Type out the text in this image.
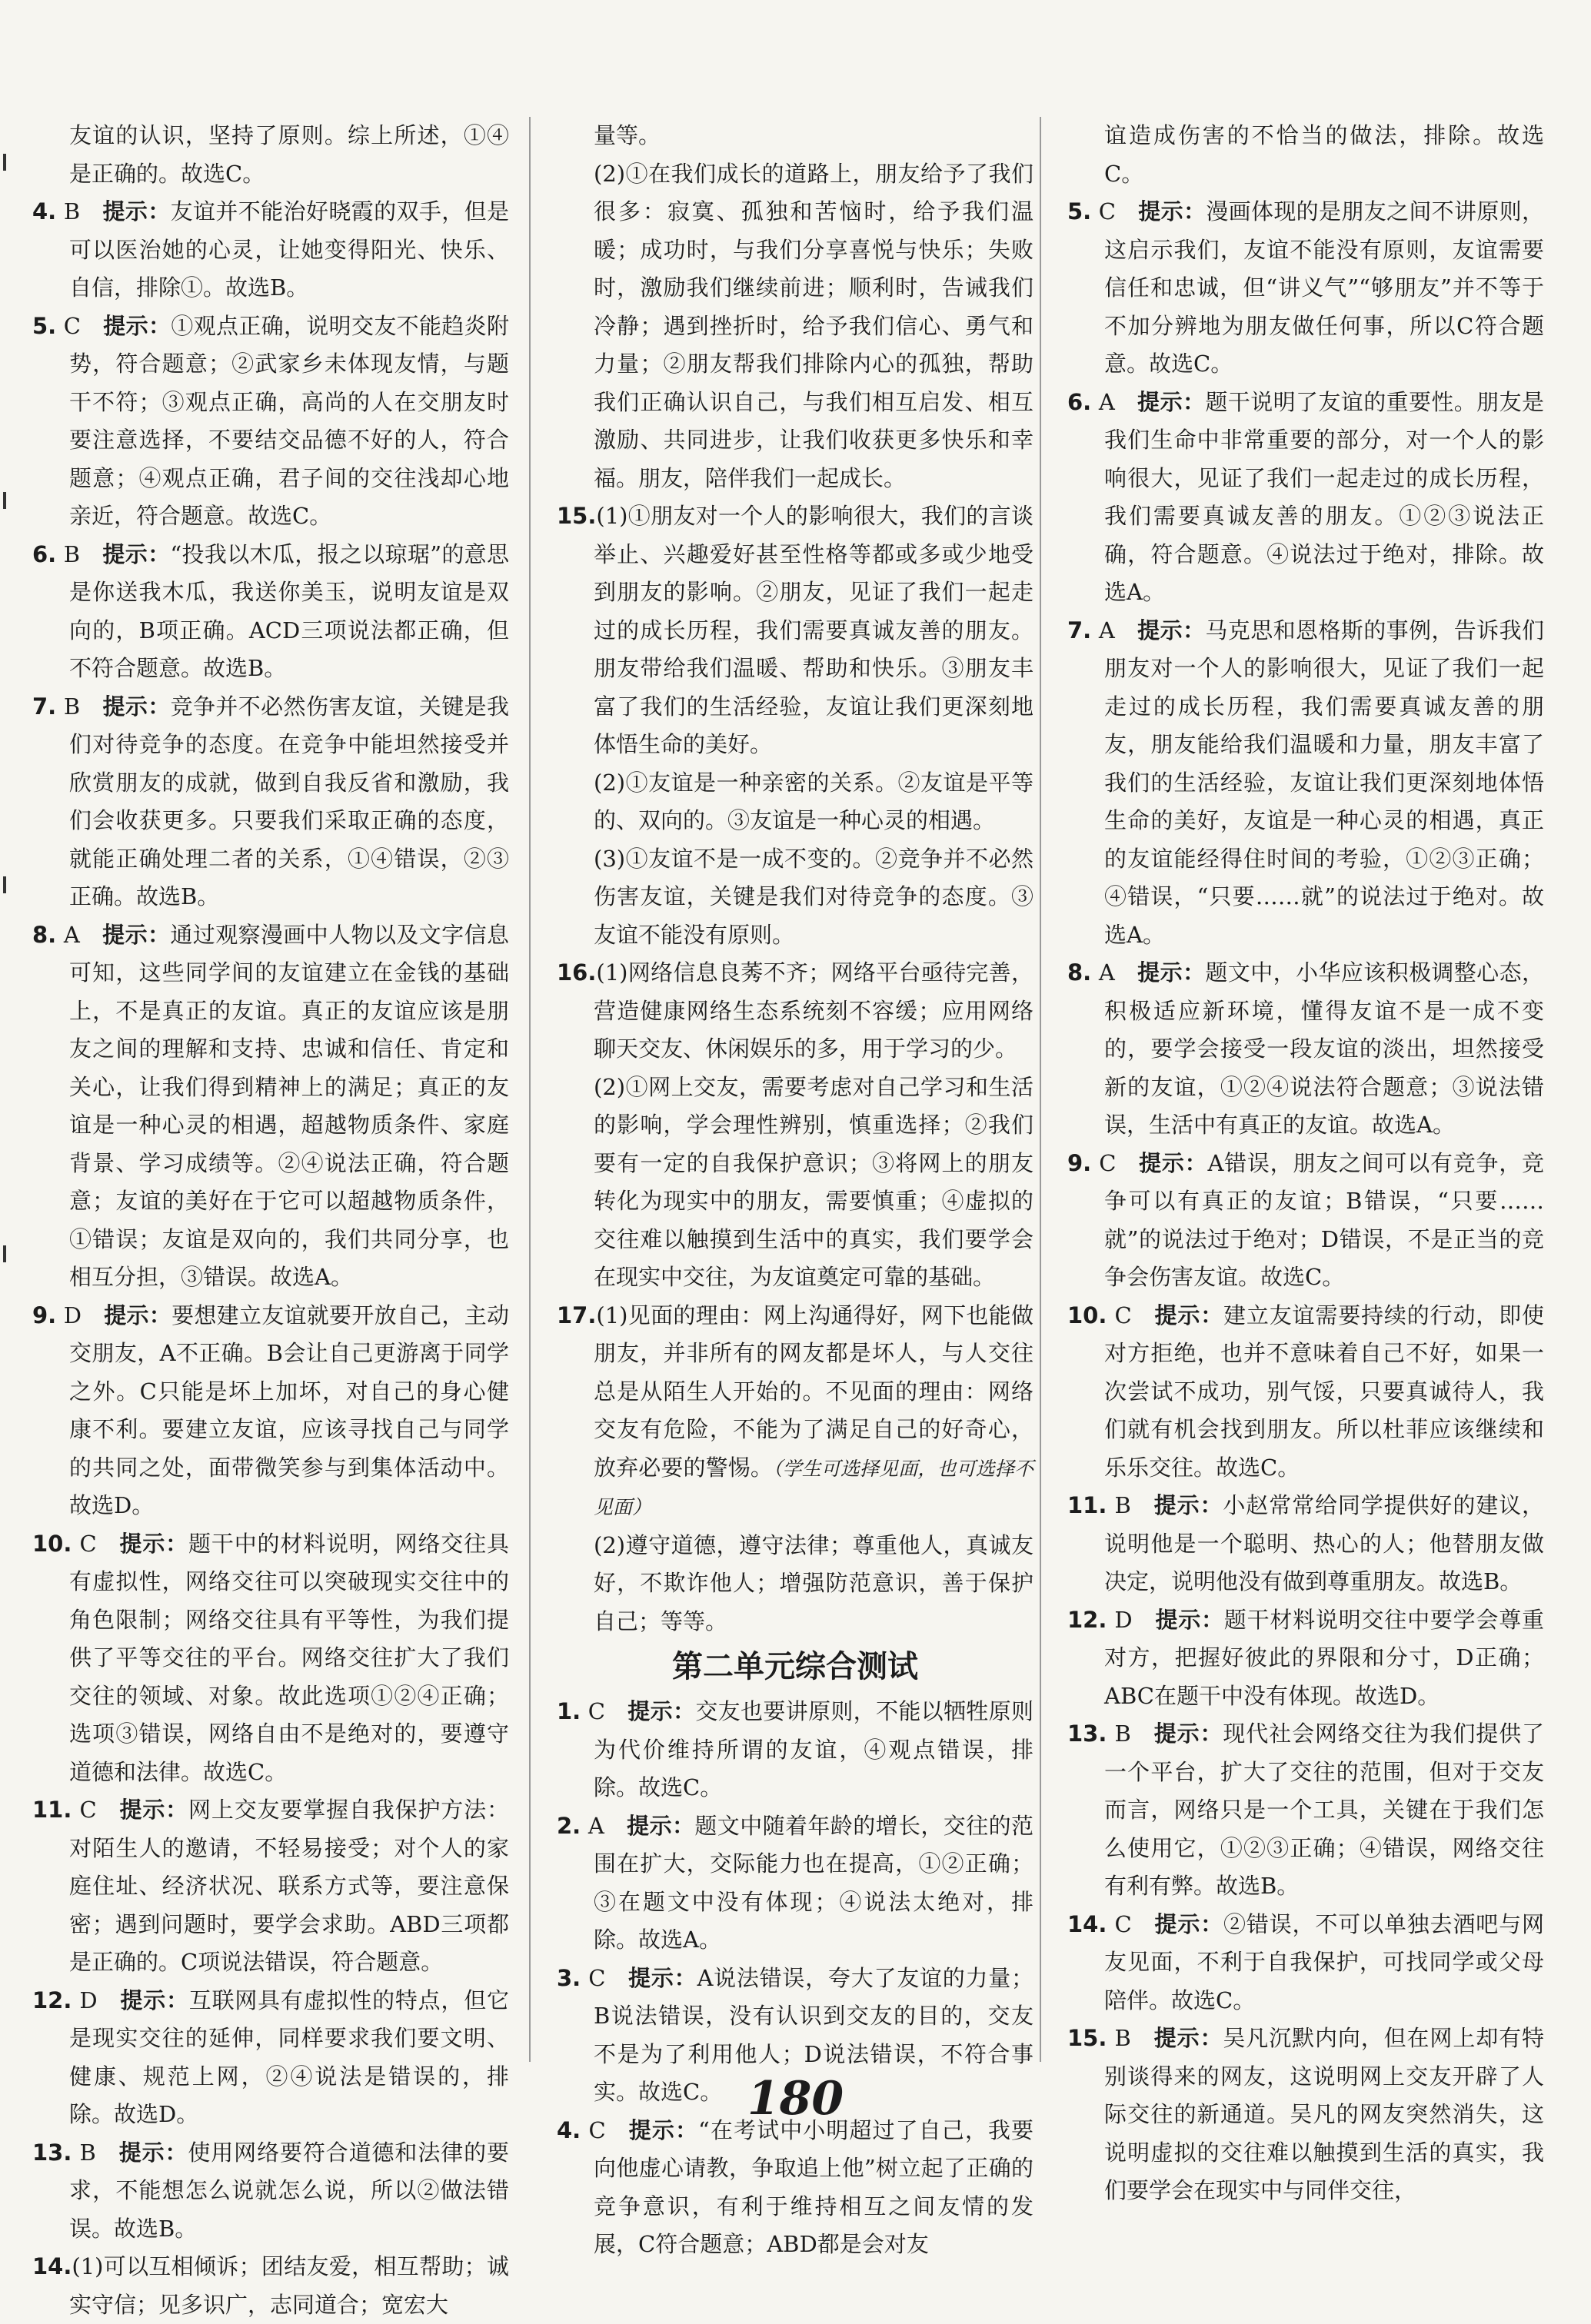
友谊的认识，坚持了原则。综上所述，①④是正确的。故选C。

4. B  提示：友谊并不能治好晓霞的双手，但是可以医治她的心灵，让她变得阳光、快乐、自信，排除①。故选B。

5. C  提示：①观点正确，说明交友不能趋炎附势，符合题意；②武家乡未体现友情，与题干不符；③观点正确，高尚的人在交朋友时要注意选择，不要结交品德不好的人，符合题意；④观点正确，君子间的交往浅却心地亲近，符合题意。故选C。

6. B  提示：“投我以木瓜，报之以琼琚”的意思是你送我木瓜，我送你美玉，说明友谊是双向的，B项正确。ACD三项说法都正确，但不符合题意。故选B。

7. B  提示：竞争并不必然伤害友谊，关键是我们对待竞争的态度。在竞争中能坦然接受并欣赏朋友的成就，做到自我反省和激励，我们会收获更多。只要我们采取正确的态度，就能正确处理二者的关系，①④错误，②③正确。故选B。

8. A  提示：通过观察漫画中人物以及文字信息可知，这些同学间的友谊建立在金钱的基础上，不是真正的友谊。真正的友谊应该是朋友之间的理解和支持、忠诚和信任、肯定和关心，让我们得到精神上的满足；真正的友谊是一种心灵的相遇，超越物质条件、家庭背景、学习成绩等。②④说法正确，符合题意；友谊的美好在于它可以超越物质条件，①错误；友谊是双向的，我们共同分享，也相互分担，③错误。故选A。

9. D  提示：要想建立友谊就要开放自己，主动交朋友，A不正确。B会让自己更游离于同学之外。C只能是坏上加坏，对自己的身心健康不利。要建立友谊，应该寻找自己与同学的共同之处，面带微笑参与到集体活动中。故选D。

10. C  提示：题干中的材料说明，网络交往具有虚拟性，网络交往可以突破现实交往中的角色限制；网络交往具有平等性，为我们提供了平等交往的平台。网络交往扩大了我们交往的领域、对象。故此选项①②④正确；选项③错误，网络自由不是绝对的，要遵守道德和法律。故选C。

11. C  提示：网上交友要掌握自我保护方法：对陌生人的邀请，不轻易接受；对个人的家庭住址、经济状况、联系方式等，要注意保密；遇到问题时，要学会求助。ABD三项都是正确的。C项说法错误，符合题意。

12. D  提示：互联网具有虚拟性的特点，但它是现实交往的延伸，同样要求我们要文明、健康、规范上网，②④说法是错误的，排除。故选D。

13. B  提示：使用网络要符合道德和法律的要求，不能想怎么说就怎么说，所以②做法错误。故选B。

14.(1)可以互相倾诉；团结友爱，相互帮助；诚实守信；见多识广，志同道合；宽宏大

量等。

(2)①在我们成长的道路上，朋友给予了我们很多：寂寞、孤独和苦恼时，给予我们温暖；成功时，与我们分享喜悦与快乐；失败时，激励我们继续前进；顺利时，告诫我们冷静；遇到挫折时，给予我们信心、勇气和力量；②朋友帮我们排除内心的孤独，帮助我们正确认识自己，与我们相互启发、相互激励、共同进步，让我们收获更多快乐和幸福。朋友，陪伴我们一起成长。

15.(1)①朋友对一个人的影响很大，我们的言谈举止、兴趣爱好甚至性格等都或多或少地受到朋友的影响。②朋友，见证了我们一起走过的成长历程，我们需要真诚友善的朋友。朋友带给我们温暖、帮助和快乐。③朋友丰富了我们的生活经验，友谊让我们更深刻地体悟生命的美好。

(2)①友谊是一种亲密的关系。②友谊是平等的、双向的。③友谊是一种心灵的相遇。

(3)①友谊不是一成不变的。②竞争并不必然伤害友谊，关键是我们对待竞争的态度。③友谊不能没有原则。

16.(1)网络信息良莠不齐；网络平台亟待完善，营造健康网络生态系统刻不容缓；应用网络聊天交友、休闲娱乐的多，用于学习的少。

(2)①网上交友，需要考虑对自己学习和生活的影响，学会理性辨别，慎重选择；②我们要有一定的自我保护意识；③将网上的朋友转化为现实中的朋友，需要慎重；④虚拟的交往难以触摸到生活中的真实，我们要学会在现实中交往，为友谊奠定可靠的基础。

17.(1)见面的理由：网上沟通得好，网下也能做朋友，并非所有的网友都是坏人，与人交往总是从陌生人开始的。不见面的理由：网络交友有危险，不能为了满足自己的好奇心，放弃必要的警惕。（学生可选择见面，也可选择不见面）

(2)遵守道德，遵守法律；尊重他人，真诚友好，不欺诈他人；增强防范意识，善于保护自己；等等。

第二单元综合测试

1. C  提示：交友也要讲原则，不能以牺牲原则为代价维持所谓的友谊，④观点错误，排除。故选C。

2. A  提示：题文中随着年龄的增长，交往的范围在扩大，交际能力也在提高，①②正确；③在题文中没有体现；④说法太绝对，排除。故选A。

3. C  提示：A说法错误，夸大了友谊的力量；B说法错误，没有认识到交友的目的，交友不是为了利用他人；D说法错误，不符合事实。故选C。

4. C  提示：“在考试中小明超过了自己，我要向他虚心请教，争取追上他”树立起了正确的竞争意识，有利于维持相互之间友情的发展，C符合题意；ABD都是会对友

谊造成伤害的不恰当的做法，排除。故选C。

5. C  提示：漫画体现的是朋友之间不讲原则，这启示我们，友谊不能没有原则，友谊需要信任和忠诚，但“讲义气”“够朋友”并不等于不加分辨地为朋友做任何事，所以C符合题意。故选C。

6. A  提示：题干说明了友谊的重要性。朋友是我们生命中非常重要的部分，对一个人的影响很大，见证了我们一起走过的成长历程，我们需要真诚友善的朋友。①②③说法正确，符合题意。④说法过于绝对，排除。故选A。

7. A  提示：马克思和恩格斯的事例，告诉我们朋友对一个人的影响很大，见证了我们一起走过的成长历程，我们需要真诚友善的朋友，朋友能给我们温暖和力量，朋友丰富了我们的生活经验，友谊让我们更深刻地体悟生命的美好，友谊是一种心灵的相遇，真正的友谊能经得住时间的考验，①②③正确；④错误，“只要……就”的说法过于绝对。故选A。

8. A  提示：题文中，小华应该积极调整心态，积极适应新环境，懂得友谊不是一成不变的，要学会接受一段友谊的淡出，坦然接受新的友谊，①②④说法符合题意；③说法错误，生活中有真正的友谊。故选A。

9. C  提示：A错误，朋友之间可以有竞争，竞争可以有真正的友谊；B错误，“只要……就”的说法过于绝对；D错误，不是正当的竞争会伤害友谊。故选C。

10. C  提示：建立友谊需要持续的行动，即使对方拒绝，也并不意味着自己不好，如果一次尝试不成功，别气馁，只要真诚待人，我们就有机会找到朋友。所以杜菲应该继续和乐乐交往。故选C。

11. B  提示：小赵常常给同学提供好的建议，说明他是一个聪明、热心的人；他替朋友做决定，说明他没有做到尊重朋友。故选B。

12. D  提示：题干材料说明交往中要学会尊重对方，把握好彼此的界限和分寸，D正确；ABC在题干中没有体现。故选D。

13. B  提示：现代社会网络交往为我们提供了一个平台，扩大了交往的范围，但对于交友而言，网络只是一个工具，关键在于我们怎么使用它，①②③正确；④错误，网络交往有利有弊。故选B。

14. C  提示：②错误，不可以单独去酒吧与网友见面，不利于自我保护，可找同学或父母陪伴。故选C。

15. B  提示：吴凡沉默内向，但在网上却有特别谈得来的网友，这说明网上交友开辟了人际交往的新通道。吴凡的网友突然消失，这说明虚拟的交往难以触摸到生活的真实，我们要学会在现实中与同伴交往，

180
